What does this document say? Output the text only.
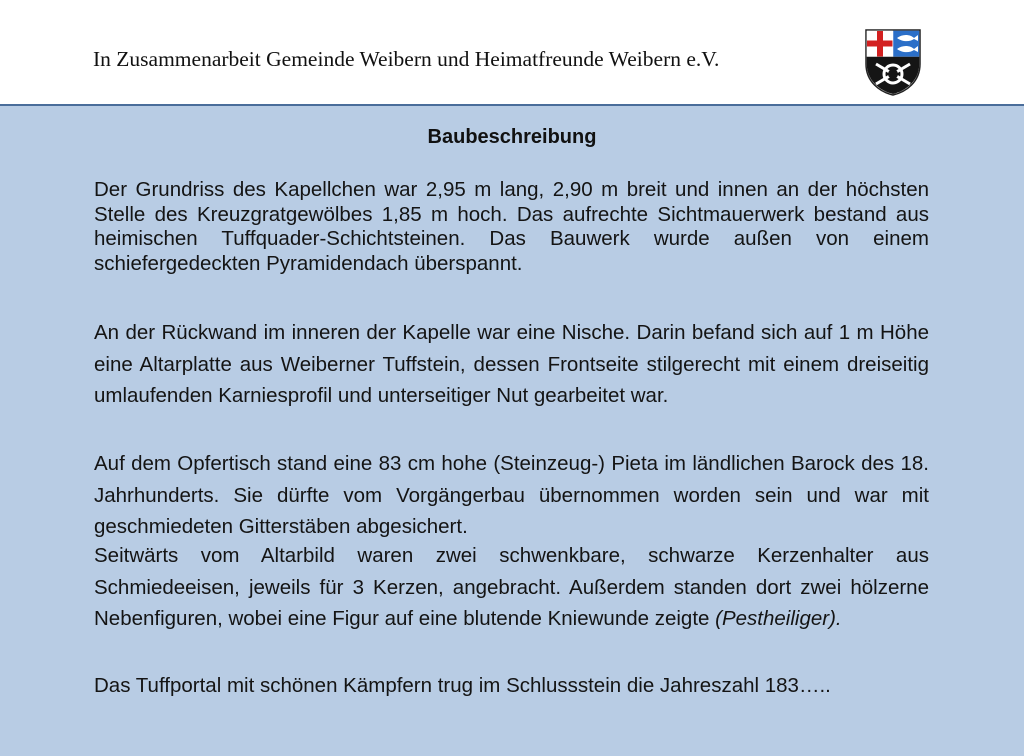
In Zusammenarbeit Gemeinde Weibern und Heimatfreunde Weibern e.V.
Baubeschreibung

Der Grundriss des Kapellchen war 2,95 m lang, 2,90 m breit und innen an der höchsten Stelle des Kreuzgratgewölbes 1,85 m hoch. Das aufrechte Sichtmauerwerk bestand aus heimischen Tuffquader-Schichtsteinen. Das Bauwerk wurde außen von einem schiefergedeckten Pyramidendach überspannt.

An der Rückwand im inneren der Kapelle war eine Nische. Darin befand sich auf 1 m Höhe eine Altarplatte aus Weiberner Tuffstein, dessen Frontseite stilgerecht mit einem dreiseitig umlaufenden Karniesprofil und unterseitiger Nut gearbeitet war.

Auf dem Opfertisch stand eine 83 cm hohe (Steinzeug-) Pieta im ländlichen Barock des 18. Jahrhunderts. Sie dürfte vom Vorgängerbau übernommen worden sein und war mit geschmiedeten Gitterstäben abgesichert.

Seitwärts vom Altarbild waren zwei schwenkbare, schwarze Kerzenhalter aus Schmiedeeisen, jeweils für 3 Kerzen, angebracht. Außerdem standen dort zwei hölzerne Nebenfiguren, wobei eine Figur auf eine blutende Kniewunde zeigte (Pestheiliger).

Das Tuffportal mit schönen Kämpfern trug im Schlussstein die Jahreszahl 183…..
